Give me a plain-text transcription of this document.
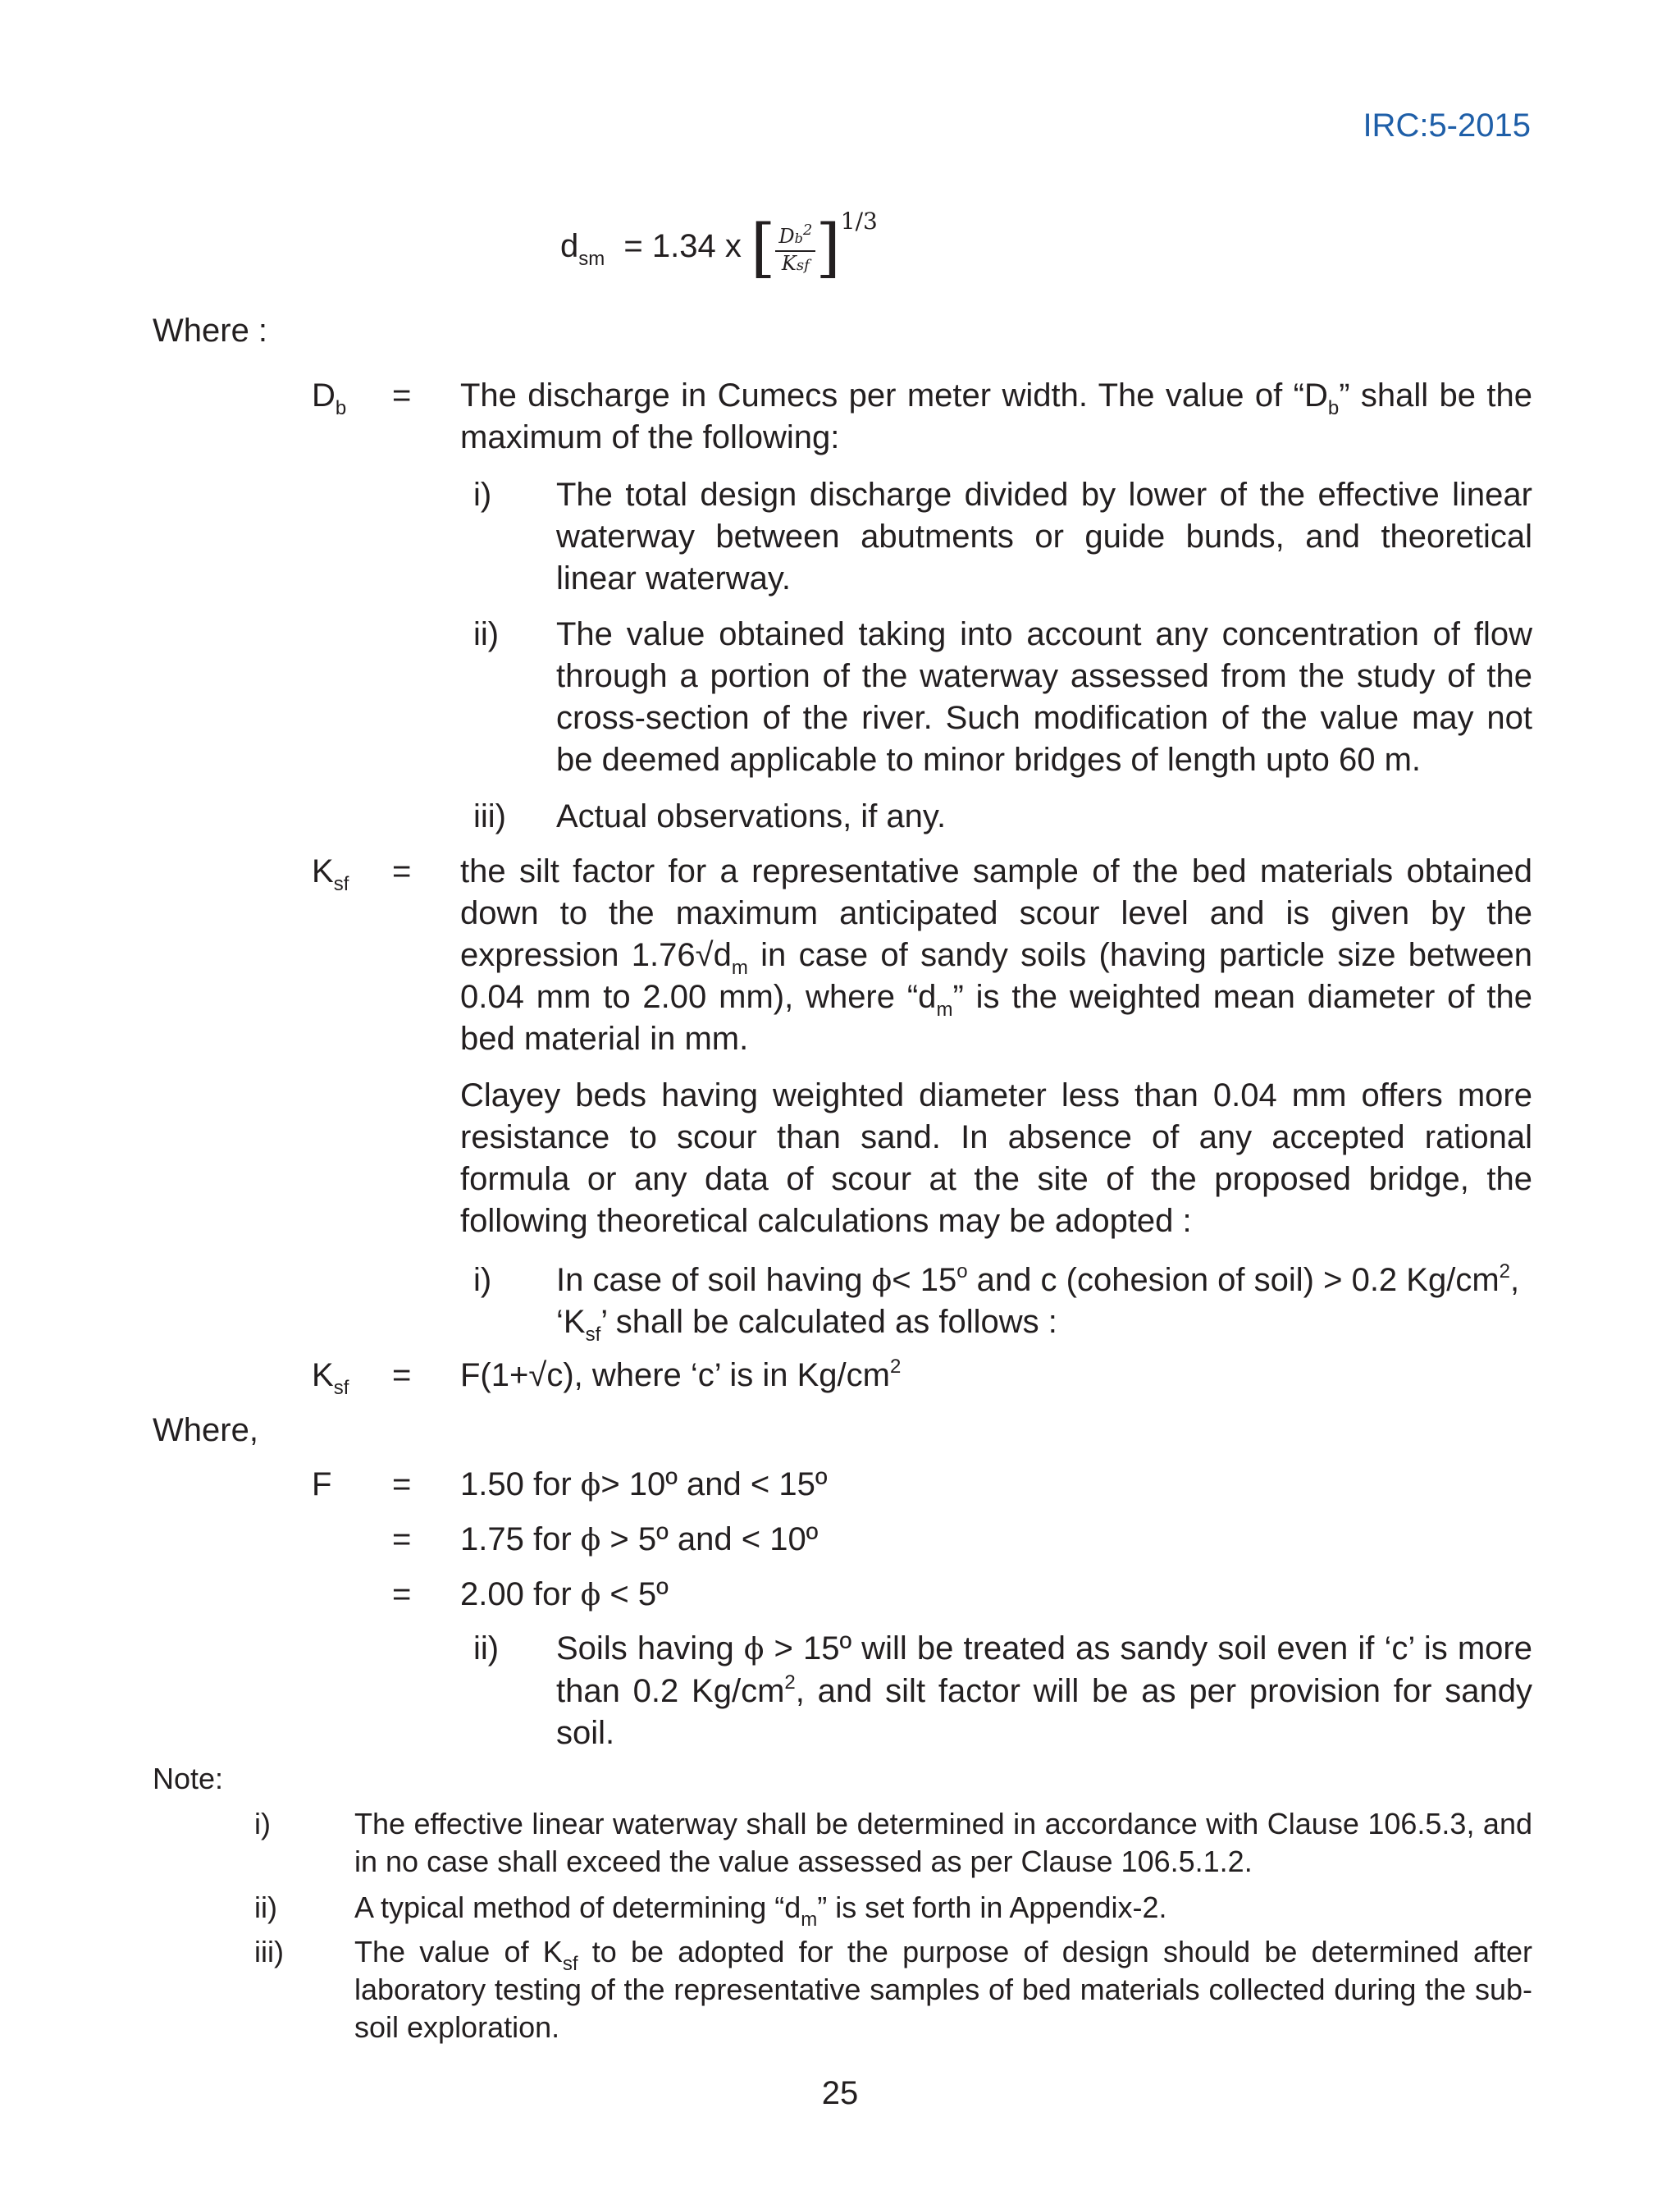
IRC:5-2015
$d_{sm} = 1.34$ x [ $\frac{Db^2}{\text{Ksf}} ]^{1/3}$
Where :
$D_b$ = The discharge in Cumecs per meter width. The value of “$D_b$” shall be the maximum of the following:
i) The total design discharge divided by lower of the effective linear waterway between abutments or guide bunds, and theoretical linear waterway.
ii) The value obtained taking into account any concentration of flow through a portion of the waterway assessed from the study of the cross-section of the river. Such modification of the value may not be deemed applicable to minor bridges of length upto 60 m.
iii) Actual observations, if any.
$K_{sf}$ = the silt factor for a representative sample of the bed materials obtained down to the maximum anticipated scour level and is given by the expression $1.76√d_m$ in case of sandy soils (having particle size between 0.04 mm to 2.00 mm), where “$d_m$” is the weighted mean diameter of the bed material in mm.
Clayey beds having weighted diameter less than 0.04 mm offers more resistance to scour than sand. In absence of any accepted rational formula or any data of scour at the site of the proposed bridge, the following theoretical calculations may be adopted :
i) In case of soil having $\phi< 15^o$ and c (cohesion of soil) > 0.2 $Kg/cm^2$,
‘$K_{sf}$’ shall be calculated as follows :
$K_{sf} = F(1+√c)$, where ‘c’ is in $Kg/cm^2$
Where,
F = 1.50 for ϕ> 10º and < 15º
= 1.75 for ϕ > 5º and < 10º
= 2.00 for ϕ < 5º
ii) Soils having ϕ > 15º will be treated as sandy soil even if ‘c’ is more than 0.2 $Kg/cm^2$, and silt factor will be as per provision for sandy soil.
Note:
i)	The effective linear waterway shall be determined in accordance with Clause 106.5.3, and in no case shall exceed the value assessed as per Clause 106.5.1.2.
ii)	A typical method of determining “$d_m$” is set forth in Appendix-2.
iii) The value of $K_{sf}$ to be adopted for the purpose of design should be determined after laboratory testing of the representative samples of bed materials collected during the sub-soil exploration.
25
